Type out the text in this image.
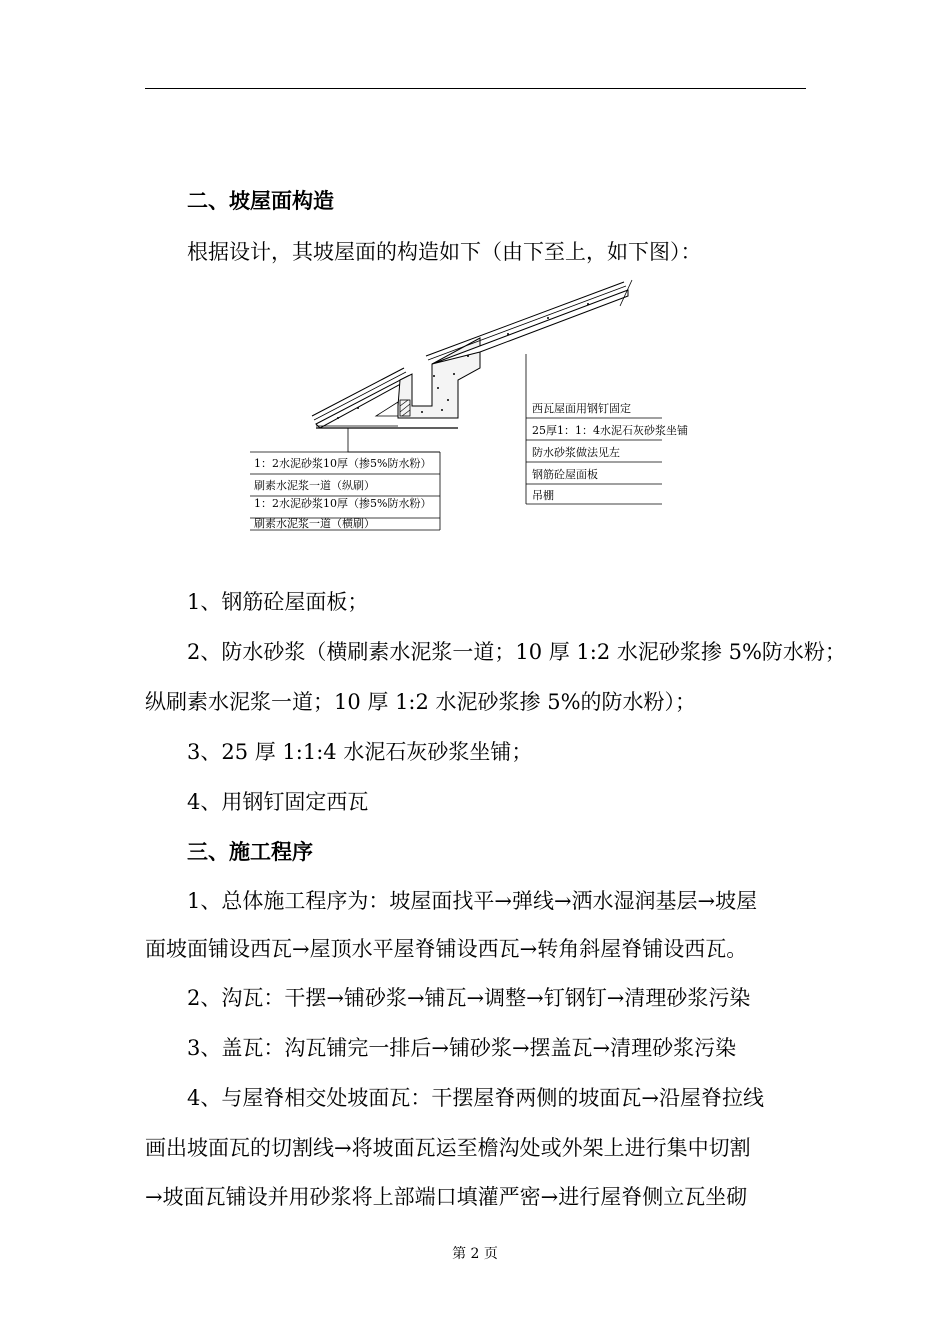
二、坡屋面构造
根据设计，其坡屋面的构造如下（由下至上，如下图）：
1：2水泥砂浆10厚（掺5%防水粉）
刷素水泥浆一道（纵刷）
1：2水泥砂浆10厚（掺5%防水粉）
刷素水泥浆一道（横刷）
西瓦屋面用钢钉固定
25厚1：1：4水泥石灰砂浆坐铺
防水砂浆做法见左
钢筋砼屋面板
吊棚
1、钢筋砼屋面板；
2、防水砂浆（横刷素水泥浆一道；10 厚 1:2 水泥砂浆掺 5%防水粉；
纵刷素水泥浆一道；10 厚 1:2 水泥砂浆掺 5%的防水粉）；
3、25 厚 1:1:4 水泥石灰砂浆坐铺；
4、用钢钉固定西瓦
三、施工程序
1、总体施工程序为：坡屋面找平→弹线→洒水湿润基层→坡屋
面坡面铺设西瓦→屋顶水平屋脊铺设西瓦→转角斜屋脊铺设西瓦。
2、沟瓦：干摆→铺砂浆→铺瓦→调整→钉钢钉→清理砂浆污染
3、盖瓦：沟瓦铺完一排后→铺砂浆→摆盖瓦→清理砂浆污染
4、与屋脊相交处坡面瓦：干摆屋脊两侧的坡面瓦→沿屋脊拉线
画出坡面瓦的切割线→将坡面瓦运至檐沟处或外架上进行集中切割
→坡面瓦铺设并用砂浆将上部端口填灌严密→进行屋脊侧立瓦坐砌
第 2 页
